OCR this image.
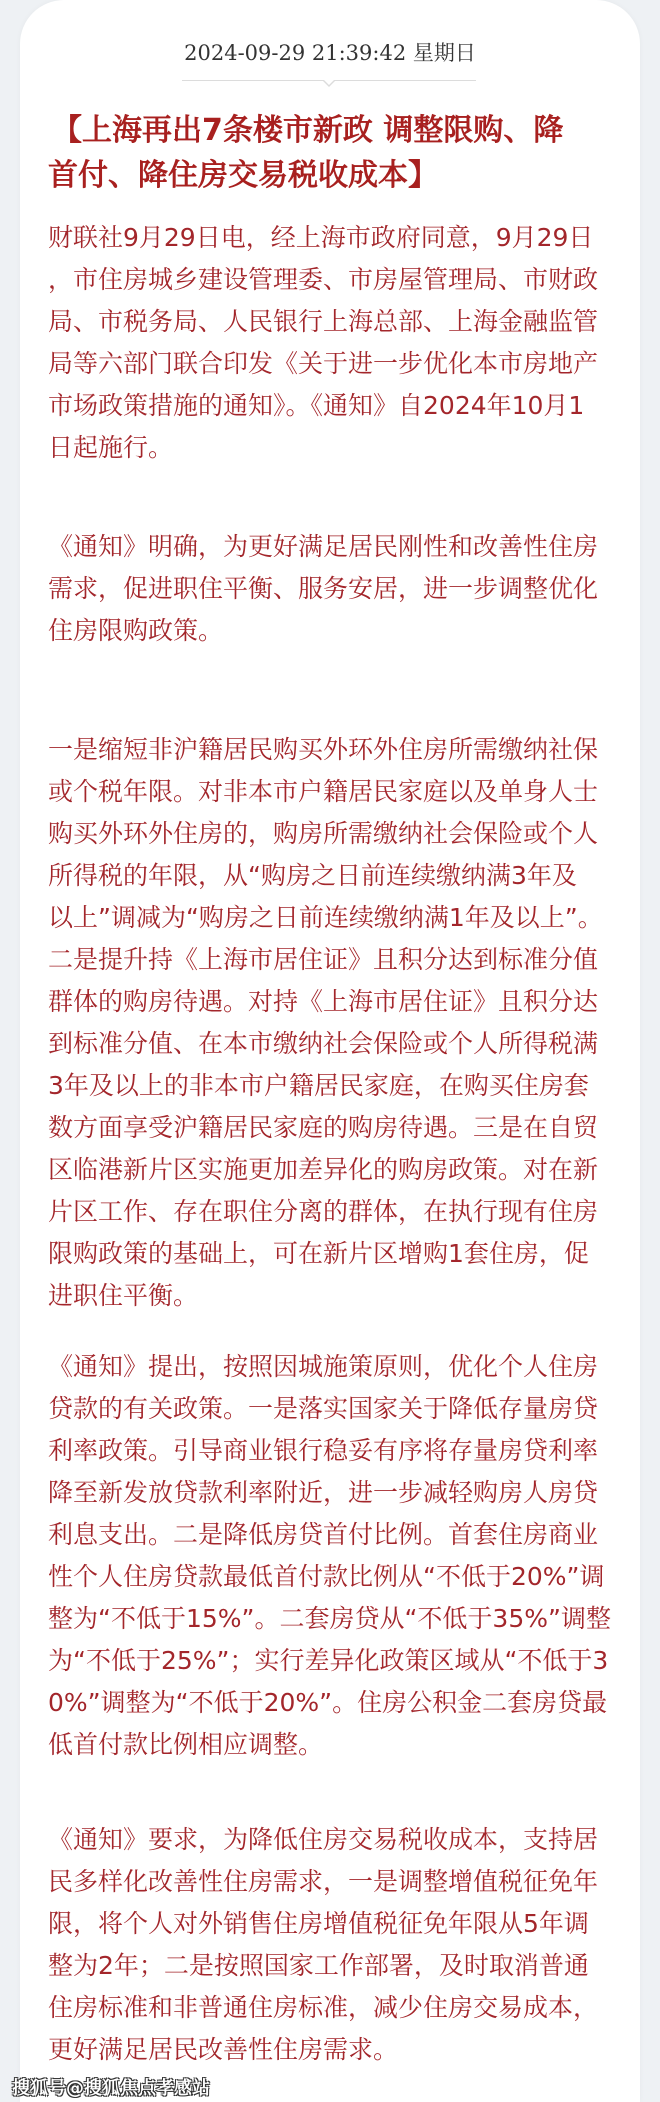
2024-09-29 21:39:42 星期日
【上海再出7条楼市新政 调整限购、降
首付、降住房交易税收成本】
财联社9月29日电，经上海市政府同意，9月29日
，市住房城乡建设管理委、市房屋管理局、市财政
局、市税务局、人民银行上海总部、上海金融监管
局等六部门联合印发《关于进一步优化本市房地产
市场政策措施的通知》。《通知》自2024年10月1
日起施行。
《通知》明确，为更好满足居民刚性和改善性住房
需求，促进职住平衡、服务安居，进一步调整优化
住房限购政策。
一是缩短非沪籍居民购买外环外住房所需缴纳社保
或个税年限。对非本市户籍居民家庭以及单身人士
购买外环外住房的，购房所需缴纳社会保险或个人
所得税的年限，从“购房之日前连续缴纳满3年及
以上”调减为“购房之日前连续缴纳满1年及以上”。
二是提升持《上海市居住证》且积分达到标准分值
群体的购房待遇。对持《上海市居住证》且积分达
到标准分值、在本市缴纳社会保险或个人所得税满
3年及以上的非本市户籍居民家庭，在购买住房套
数方面享受沪籍居民家庭的购房待遇。三是在自贸
区临港新片区实施更加差异化的购房政策。对在新
片区工作、存在职住分离的群体，在执行现有住房
限购政策的基础上，可在新片区增购1套住房，促
进职住平衡。
《通知》提出，按照因城施策原则，优化个人住房
贷款的有关政策。一是落实国家关于降低存量房贷
利率政策。引导商业银行稳妥有序将存量房贷利率
降至新发放贷款利率附近，进一步减轻购房人房贷
利息支出。二是降低房贷首付比例。首套住房商业
性个人住房贷款最低首付款比例从“不低于20%”调
整为“不低于15%”。二套房贷从“不低于35%”调整
为“不低于25%”；实行差异化政策区域从“不低于3
0%”调整为“不低于20%”。住房公积金二套房贷最
低首付款比例相应调整。
《通知》要求，为降低住房交易税收成本，支持居
民多样化改善性住房需求，一是调整增值税征免年
限，将个人对外销售住房增值税征免年限从5年调
整为2年；二是按照国家工作部署，及时取消普通
住房标准和非普通住房标准，减少住房交易成本，
更好满足居民改善性住房需求。
搜狐号@搜狐焦点孝感站
